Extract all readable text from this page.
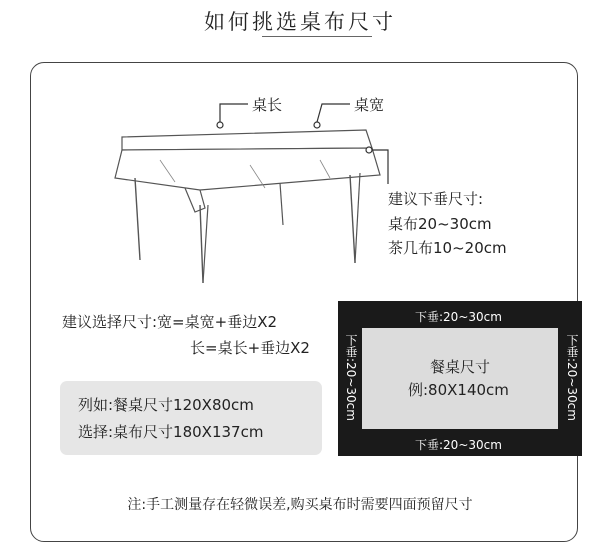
如何挑选桌布尺寸
桌长	桌宽
建议下垂尺寸:
桌布20~30cm
茶几布10~20cm
建议选择尺寸:宽=桌宽+垂边X2
长=桌长+垂边X2
列如:餐桌尺寸120X80cm
选择:桌布尺寸180X137cm
下垂:20~30cm
下垂:20~30cm
下垂:20~30cm	下垂:20~30cm
餐桌尺寸
例:80X140cm
注:手工测量存在轻微误差,购买桌布时需要四面预留尺寸
